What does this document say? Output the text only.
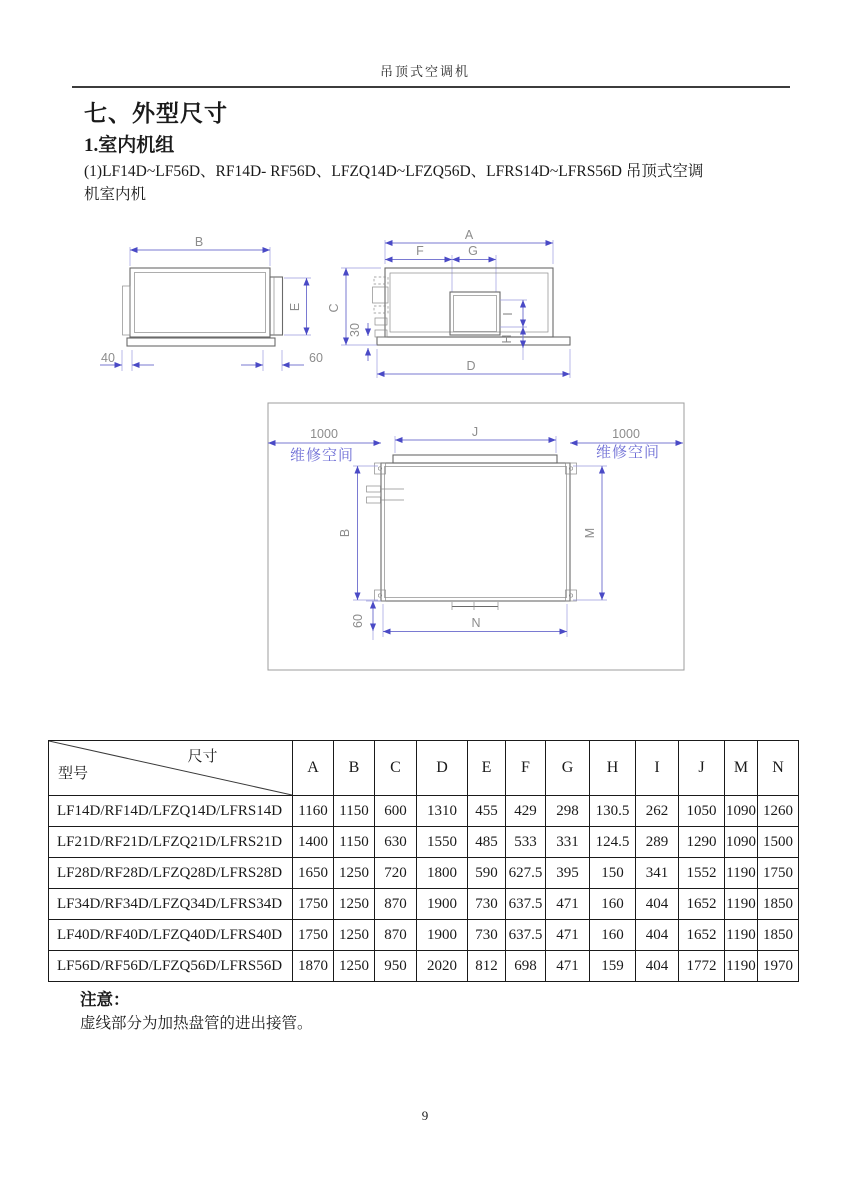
吊顶式空调机
七、外型尺寸
1.室内机组
(1)LF14D~LF56D、RF14D- RF56D、LFZQ14D~LFZQ56D、LFRS14D~LFRS56D 吊顶式空调
机室内机
B
E
40	60
A
F	G
C
30
I
H
D
1000	1000
维修空间	维修空间
J
B	M
60	N
尺寸
型号	A	B	C	D	E	F	G	H	I	J	M	N
LF14D/RF14D/LFZQ14D/LFRS14D	1160	1150	600	1310	455	429	298	130.5	262	1050	1090	1260
LF21D/RF21D/LFZQ21D/LFRS21D	1400	1150	630	1550	485	533	331	124.5	289	1290	1090	1500
LF28D/RF28D/LFZQ28D/LFRS28D	1650	1250	720	1800	590	627.5	395	150	341	1552	1190	1750
LF34D/RF34D/LFZQ34D/LFRS34D	1750	1250	870	1900	730	637.5	471	160	404	1652	1190	1850
LF40D/RF40D/LFZQ40D/LFRS40D	1750	1250	870	1900	730	637.5	471	160	404	1652	1190	1850
LF56D/RF56D/LFZQ56D/LFRS56D	1870	1250	950	2020	812	698	471	159	404	1772	1190	1970
注意：
虚线部分为加热盘管的进出接管。
9
